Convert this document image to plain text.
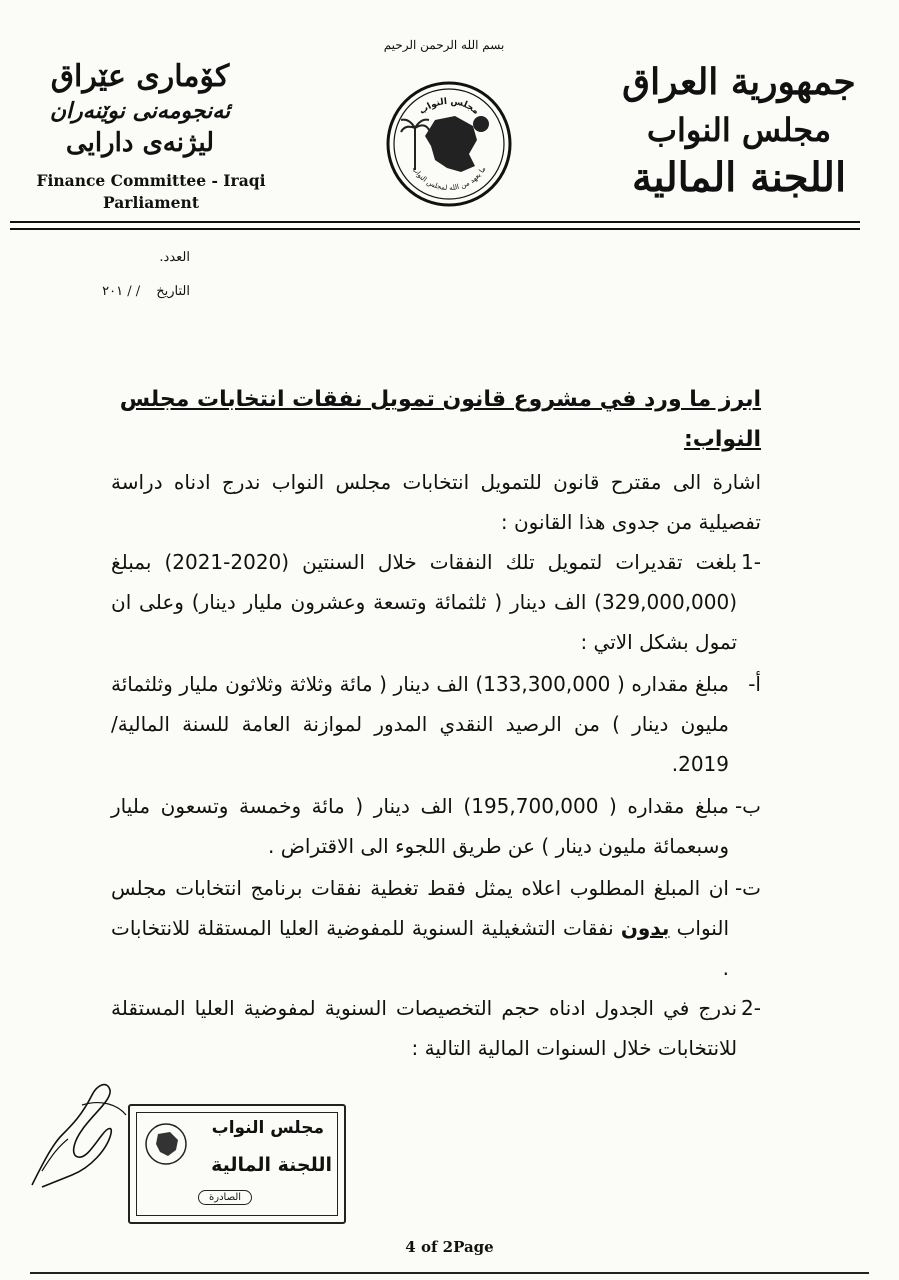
كۆماری عێراق
ئەنجومەنی نوێنەران
لیژنەی دارایی
Finance Committee - Iraqi
Parliament
بسم الله الرحمن الرحيم
مجلس النواب
ما يعهد من الله لمجلس النواب
جمهورية العراق
مجلس النواب
اللجنة المالية
العدد.
التاريخ / / ٢٠١
ابرز ما ورد في مشروع قانون تمويل نفقات انتخابات مجلس النواب:
اشارة الى مقترح قانون للتمويل انتخابات مجلس النواب ندرج ادناه دراسة تفصيلية من جدوى هذا القانون :
-1
بلغت تقديرات لتمويل تلك النفقات خلال السنتين (2020-2021) بمبلغ (329,000,000) الف دينار ( ثلثمائة وتسعة وعشرون مليار دينار) وعلى ان تمول بشكل الاتي :
أ-
مبلغ مقداره ( 133,300,000) الف دينار ( مائة وثلاثة وثلاثون مليار وثلثمائة مليون دينار ) من الرصيد النقدي المدور لموازنة العامة للسنة المالية/ 2019.
ب-
مبلغ مقداره ( 195,700,000) الف دينار ( مائة وخمسة وتسعون مليار وسبعمائة مليون دينار ) عن طريق اللجوء الى الاقتراض .
ت-
ان المبلغ المطلوب اعلاه يمثل فقط تغطية نفقات برنامج انتخابات مجلس النواب بدون نفقات التشغيلية السنوية للمفوضية العليا المستقلة للانتخابات .
-2
ندرج في الجدول ادناه حجم التخصيصات السنوية لمفوضية العليا المستقلة للانتخابات خلال السنوات المالية التالية :
مجلس النواب
اللجنة المالية
الصادرة
4 of 2Page
